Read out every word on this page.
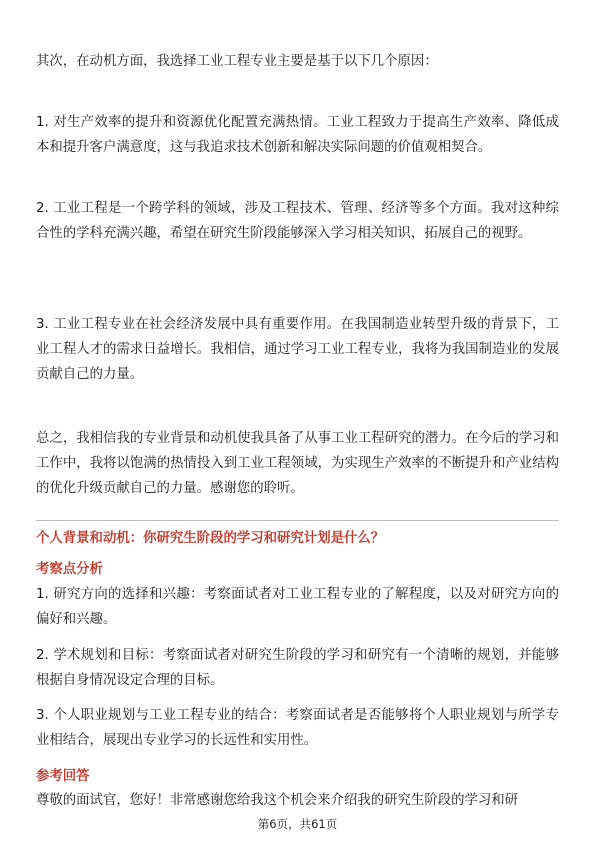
其次，在动机方面，我选择工业工程专业主要是基于以下几个原因：

1. 对生产效率的提升和资源优化配置充满热情。工业工程致力于提高生产效率、降低成本和提升客户满意度，这与我追求技术创新和解决实际问题的价值观相契合。

2. 工业工程是一个跨学科的领域，涉及工程技术、管理、经济等多个方面。我对这种综合性的学科充满兴趣，希望在研究生阶段能够深入学习相关知识，拓展自己的视野。

3. 工业工程专业在社会经济发展中具有重要作用。在我国制造业转型升级的背景下，工业工程人才的需求日益增长。我相信，通过学习工业工程专业，我将为我国制造业的发展贡献自己的力量。

总之，我相信我的专业背景和动机使我具备了从事工业工程研究的潜力。在今后的学习和工作中，我将以饱满的热情投入到工业工程领域，为实现生产效率的不断提升和产业结构的优化升级贡献自己的力量。感谢您的聆听。

个人背景和动机：你研究生阶段的学习和研究计划是什么？

考察点分析

1. 研究方向的选择和兴趣：考察面试者对工业工程专业的了解程度，以及对研究方向的偏好和兴趣。

2. 学术规划和目标：考察面试者对研究生阶段的学习和研究有一个清晰的规划，并能够根据自身情况设定合理的目标。

3. 个人职业规划与工业工程专业的结合：考察面试者是否能够将个人职业规划与所学专业相结合，展现出专业学习的长远性和实用性。

参考回答

尊敬的面试官，您好！非常感谢您给我这个机会来介绍我的研究生阶段的学习和研

第6页，共61页
